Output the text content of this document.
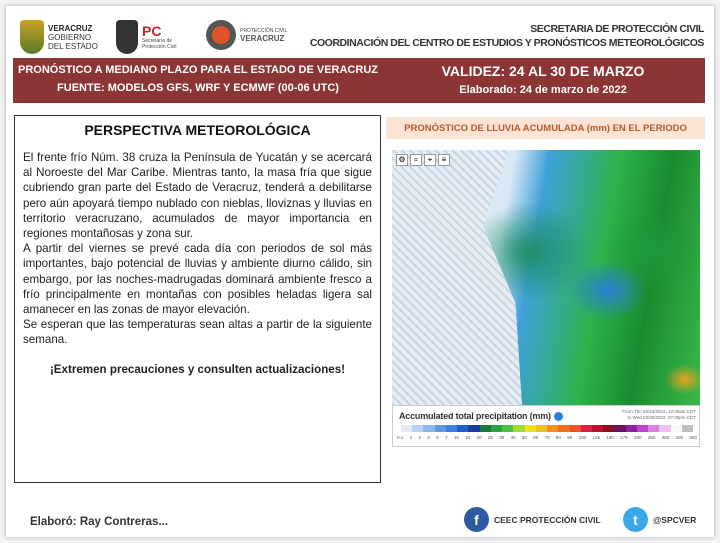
VERACRUZ
GOBIERNO
DEL ESTADO
PC
Secretaría de
Protección Civil
PROTECCIÓN CIVIL
VERACRUZ
SECRETARIA DE PROTECCIÓN CIVIL
COORDINACIÓN DEL CENTRO DE ESTUDIOS Y PRONÓSTICOS METEOROLÓGICOS
PRONÓSTICO A MEDIANO PLAZO PARA EL ESTADO DE VERACRUZ
FUENTE: MODELOS GFS, WRF Y ECMWF (00-06 UTC)
VALIDEZ: 24 AL 30 DE MARZO
Elaborado: 24 de marzo de 2022
PERSPECTIVA METEOROLÓGICA

El frente frío Núm. 38 cruza la Península de Yucatán y se acercará al Noroeste del Mar Caribe. Mientras tanto, la masa fría que sigue cubriendo gran parte del Estado de Veracruz, tenderá a debilitarse pero aún apoyará tiempo nublado con nieblas, lloviznas y lluvias en territorio veracruzano, acumulados de mayor importancia en regiones montañosas y zona sur.

A partir del viernes se prevé cada día con periodos de sol más importantes, bajo potencial de lluvias y ambiente diurno cálido, sin embargo, por las noches-madrugadas dominará ambiente fresco a frío principalmente en montañas con posibles heladas ligera sal amanecer en las zonas de mayor elevación.

Se esperan que las temperaturas sean altas a partir de la siguiente semana.

¡Extremen precauciones y consulten actualizaciones!

PRONÓSTICO DE LLUVIA ACUMULADA (mm) EN EL PERIODO
⚙	⌕	⌖	≡
Accumulated total precipitation (mm)	From Thu 03/24/2022, 12:00am CDT
to Wed 03/30/2022, 07:00pm CDT
0.1 1 2 3 5 7 10 15 20 25 30 40 50 60 70 80 90 100 125 150 175 200 250 300 400 500
Elaboró: Ray Contreras...	f	CEEC PROTECCIÓN CIVIL	t	@SPCVER
